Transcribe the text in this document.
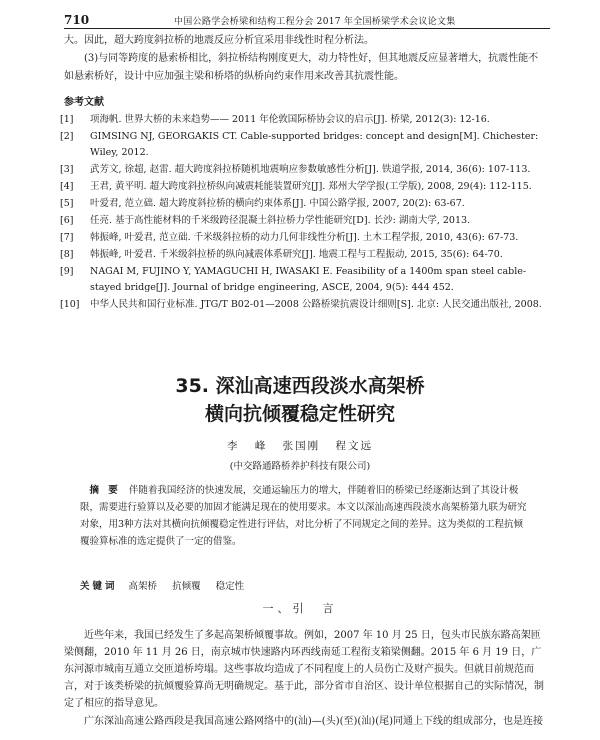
710	中国公路学会桥梁和结构工程分会 2017 年全国桥梁学术会议论文集
大。因此，超大跨度斜拉桥的地震反应分析宜采用非线性时程分析法。
(3)与同等跨度的悬索桥相比，斜拉桥结构刚度更大，动力特性好，但其地震反应显著增大，抗震性能不如悬索桥好，设计中应加强主梁和桥塔的纵桥向约束作用来改善其抗震性能。
参考文献
[1] 项海帆. 世界大桥的未来趋势—— 2011 年伦敦国际桥协会议的启示[J]. 桥梁, 2012(3): 12-16.
[2] GIMSING NJ, GEORGAKIS CT. Cable-supported bridges: concept and design[M]. Chichester: Wiley, 2012.
[3] 武芳文, 徐超, 赵雷. 超大跨度斜拉桥随机地震响应参数敏感性分析[J]. 铁道学报, 2014, 36(6): 107-113.
[4] 王君, 黄平明. 超大跨度斜拉桥纵向减震耗能装置研究[J]. 郑州大学学报(工学版), 2008, 29(4): 112-115.
[5] 叶爱君, 范立础. 超大跨度斜拉桥的横向约束体系[J]. 中国公路学报, 2007, 20(2): 63-67.
[6] 任亮. 基于高性能材料的千米级跨径混凝土斜拉桥力学性能研究[D]. 长沙: 湖南大学, 2013.
[7] 韩振峰, 叶爱君, 范立础. 千米级斜拉桥的动力几何非线性分析[J]. 土木工程学报, 2010, 43(6): 67-73.
[8] 韩振峰, 叶爱君. 千米级斜拉桥的纵向减震体系研究[J]. 地震工程与工程振动, 2015, 35(6): 64-70.
[9] NAGAI M, FUJINO Y, YAMAGUCHI H, IWASAKI E. Feasibility of a 1400m span steel cable-stayed bridge[J]. Journal of bridge engineering, ASCE, 2004, 9(5): 444 452.
[10] 中华人民共和国行业标准. JTG/T B02-01—2008 公路桥梁抗震设计细则[S]. 北京: 人民交通出版社, 2008.
35. 深汕高速西段淡水高架桥
横向抗倾覆稳定性研究
李 峰 张国刚 程文远
(中交路通路桥养护科技有限公司)
摘 要 伴随着我国经济的快速发展，交通运输压力的增大，伴随着旧的桥梁已经逐渐达到了其设计极限，需要进行验算以及必要的加固才能满足现在的使用要求。本文以深汕高速西段淡水高架桥第九联为研究对象，用3种方法对其横向抗倾覆稳定性进行评估，对比分析了不同规定之间的差异。这为类似的工程抗倾覆验算标准的选定提供了一定的借鉴。
关键词 高架桥 抗倾覆 稳定性
一、引　言
近些年来，我国已经发生了多起高架桥倾覆事故。例如，2007 年 10 月 25 日，包头市民族东路高架匝梁侧翻，2010 年 11 月 26 日，南京城市快速路内环西线南延工程衔支箱梁侧翻。2015 年 6 月 19 日，广东河源市城南互通立交匝道桥垮塌。这些事故均造成了不同程度上的人员伤亡及财产损失。但就目前规范而言，对于该类桥梁的抗倾覆验算尚无明确规定。基于此，部分省市自治区、设计单位根据自己的实际情况，制定了相应的指导意见。
广东深汕高速公路西段是我国高速公路网络中的(汕)—(头)(至)(汕)(尾)同通上下线的组成部分，也是连接
